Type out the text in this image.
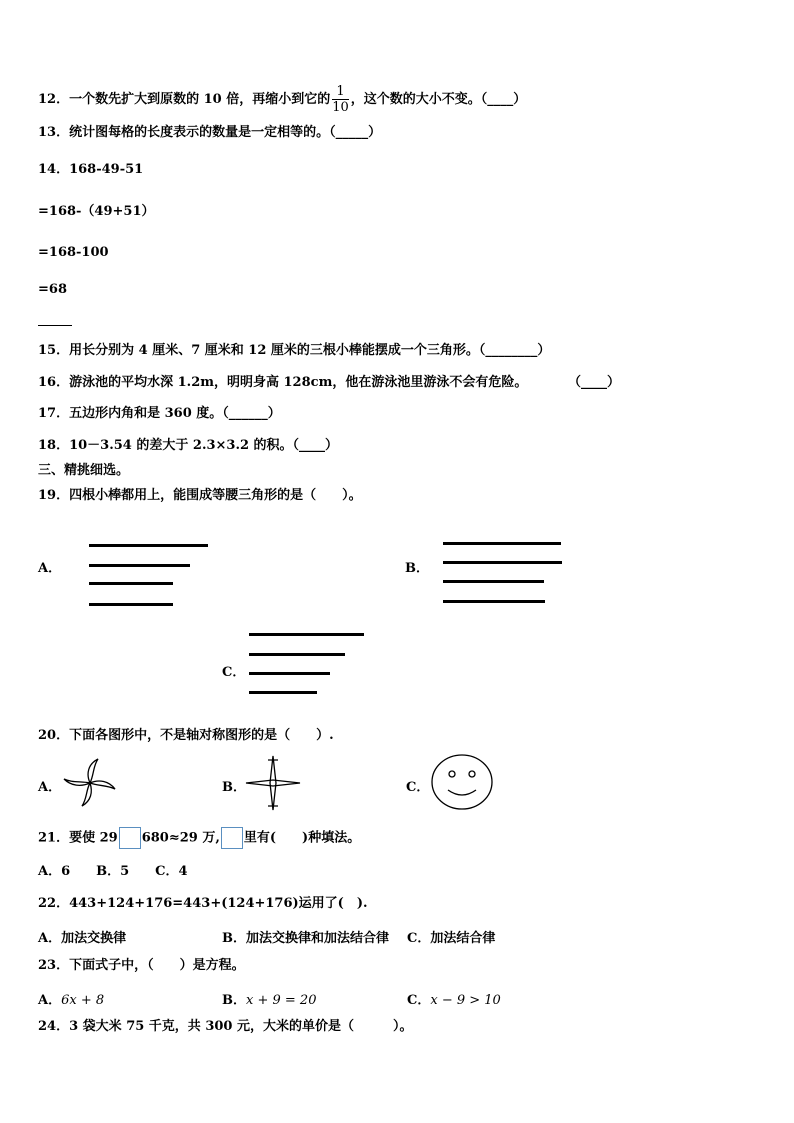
12．一个数先扩大到原数的 10 倍，再缩小到它的 $\frac{1}{10}$ ，这个数的大小不变。（____）
13．统计图每格的长度表示的数量是一定相等的。（_____）
14．168-49-51
=168-（49+51）
=168-100
=68
15．用长分别为 4 厘米、7 厘米和 12 厘米的三根小棒能摆成一个三角形。（________）
16．游泳池的平均水深 1.2m，明明身高 128cm，他在游泳池里游泳不会有危险。	（____）
17．五边形内角和是 360 度。（______）
18．10－3.54 的差大于 2.3×3.2 的积。（____）
三、精挑细选。
19．四根小棒都用上，能围成等腰三角形的是（　　）。
A．	B．
C．
20．下面各图形中，不是轴对称图形的是（　　）.
A．	B．	C．
21．要使 29 680≈29 万, 里有(　　)种填法。
A．6　　B．5　　C．4
22．443+124+176=443+(124+176)运用了(　).
A．加法交换律	B．加法交换律和加法结合律 C．加法结合律
23．下面式子中，（　　）是方程。
A．6x + 8	B．x + 9 = 20	C．x − 9 > 10
24．3 袋大米 75 千克，共 300 元，大米的单价是（　　　）。
